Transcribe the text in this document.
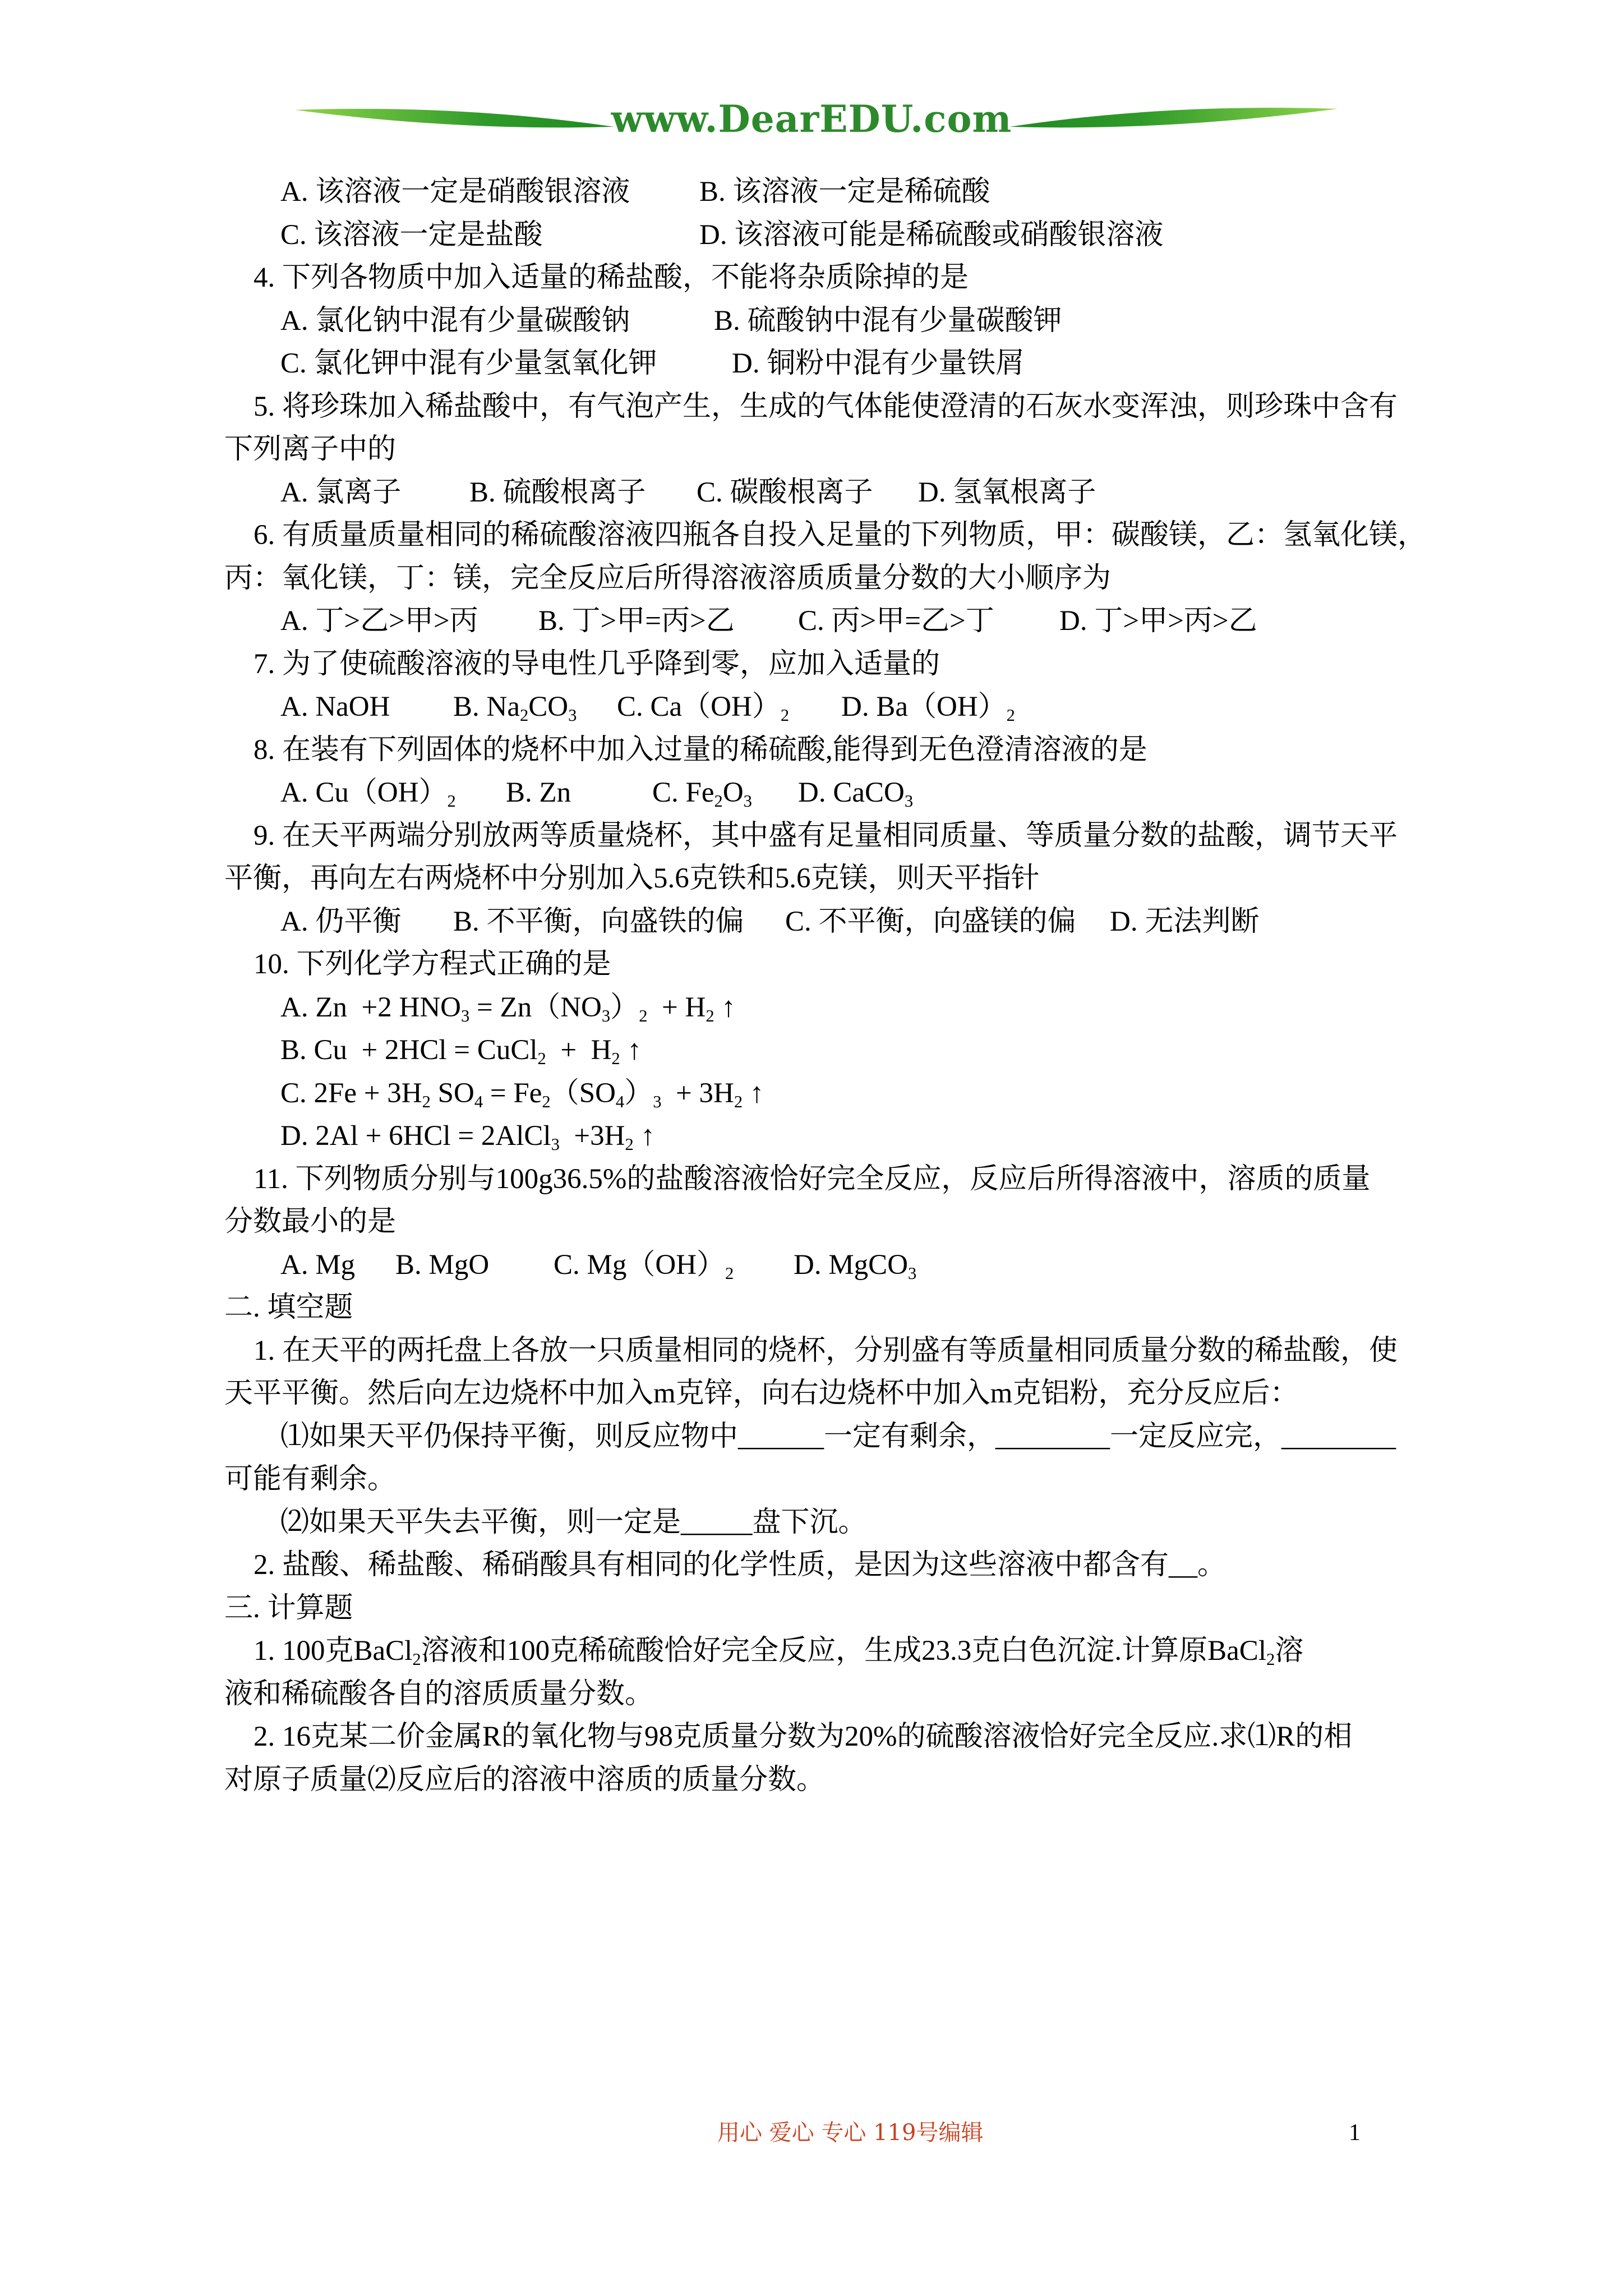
www.DearEDU.com

A. 该溶液一定是硝酸银溶液

B. 该溶液一定是稀硫酸

C. 该溶液一定是盐酸

	D. 该溶液可能是稀硫酸或硝酸银溶液

4. 下列各物质中加入适量的稀盐酸，不能将杂质除掉的是

A. 氯化钠中混有少量碳酸钠

	B. 硫酸钠中混有少量碳酸钾

C. 氯化钾中混有少量氢氧化钾

	D. 铜粉中混有少量铁屑

5. 将珍珠加入稀盐酸中，有气泡产生，生成的气体能使澄清的石灰水变浑浊，则珍珠中含有
下列离子中的

A. 氯离子

B. 硫酸根离子

C. 碳酸根离子

D. 氢氧根离子

6. 有质量质量相同的稀硫酸溶液四瓶各自投入足量的下列物质，甲：碳酸镁，乙：氢氧化镁，
丙：氧化镁，丁：镁，完全反应后所得溶液溶质质量分数的大小顺序为

A. 丁>乙>甲>丙

B. 丁>甲=丙>乙

C. 丙>甲=乙>丁

D. 丁>甲>丙>乙

7. 为了使硫酸溶液的导电性几乎降到零，应加入适量的

A. NaOH

B. $Na_2CO_3$

C. $Ca(OH)_2$

D. $Ba(OH)_2$

8. 在装有下列固体的烧杯中加入过量的稀硫酸,能得到无色澄清溶液的是

A. $Cu(OH)_2$

B. Zn

	C. $Fe_2O_3$

D. CaCO$_3$

9. 在天平两端分别放两等质量烧杯，其中盛有足量相同质量、等质量分数的盐酸，调节天平
平衡，再向左右两烧杯中分别加入5.6克铁和5.6克镁，则天平指针

A. 仍平衡

B. 不平衡，向盛铁的偏

C. 不平衡，向盛镁的偏

D. 无法判断

10. 下列化学方程式正确的是
A. Zn  +2 $HNO_3 = Zn(NO_3)_2 + H_2$ ↑
B. Cu  + 2HCl = CuCl$_2$  +  $H_2$ ↑
C. $2Fe + 3H_2$ $SO_4 = Fe_2(SO_4)_3 + 3H_2$ ↑
D. 2Al + 6HCl = 2AlCl$_3$  $+3H_2$ ↑
11. 下列物质分别与100g36.5%的盐酸溶液恰好完全反应，反应后所得溶液中，溶质的质量
分数最小的是

A. Mg

B. MgO

C. $Mg(OH)_2$

D. MgCO$_3$

二. 填空题
1. 在天平的两托盘上各放一只质量相同的烧杯，分别盛有等质量相同质量分数的稀盐酸，使
天平平衡。然后向左边烧杯中加入m克锌，向右边烧杯中加入m克铝粉，充分反应后：
⑴如果天平仍保持平衡，则反应物中______一定有剩余，________一定反应完，________
可能有剩余。
⑵如果天平失去平衡，则一定是_____盘下沉。
2. 盐酸、稀盐酸、稀硝酸具有相同的化学性质，是因为这些溶液中都含有__。
三. 计算题
1. 100克BaCl$_2$溶液和100克稀硫酸恰好完全反应，生成23.3克白色沉淀.计算原BaCl$_2$溶
液和稀硫酸各自的溶质质量分数。
2. 16克某二价金属R的氧化物与98克质量分数为20%的硫酸溶液恰好完全反应.求⑴R的相
对原子质量⑵反应后的溶液中溶质的质量分数。
用心 爱心 专心 119号编辑	1
